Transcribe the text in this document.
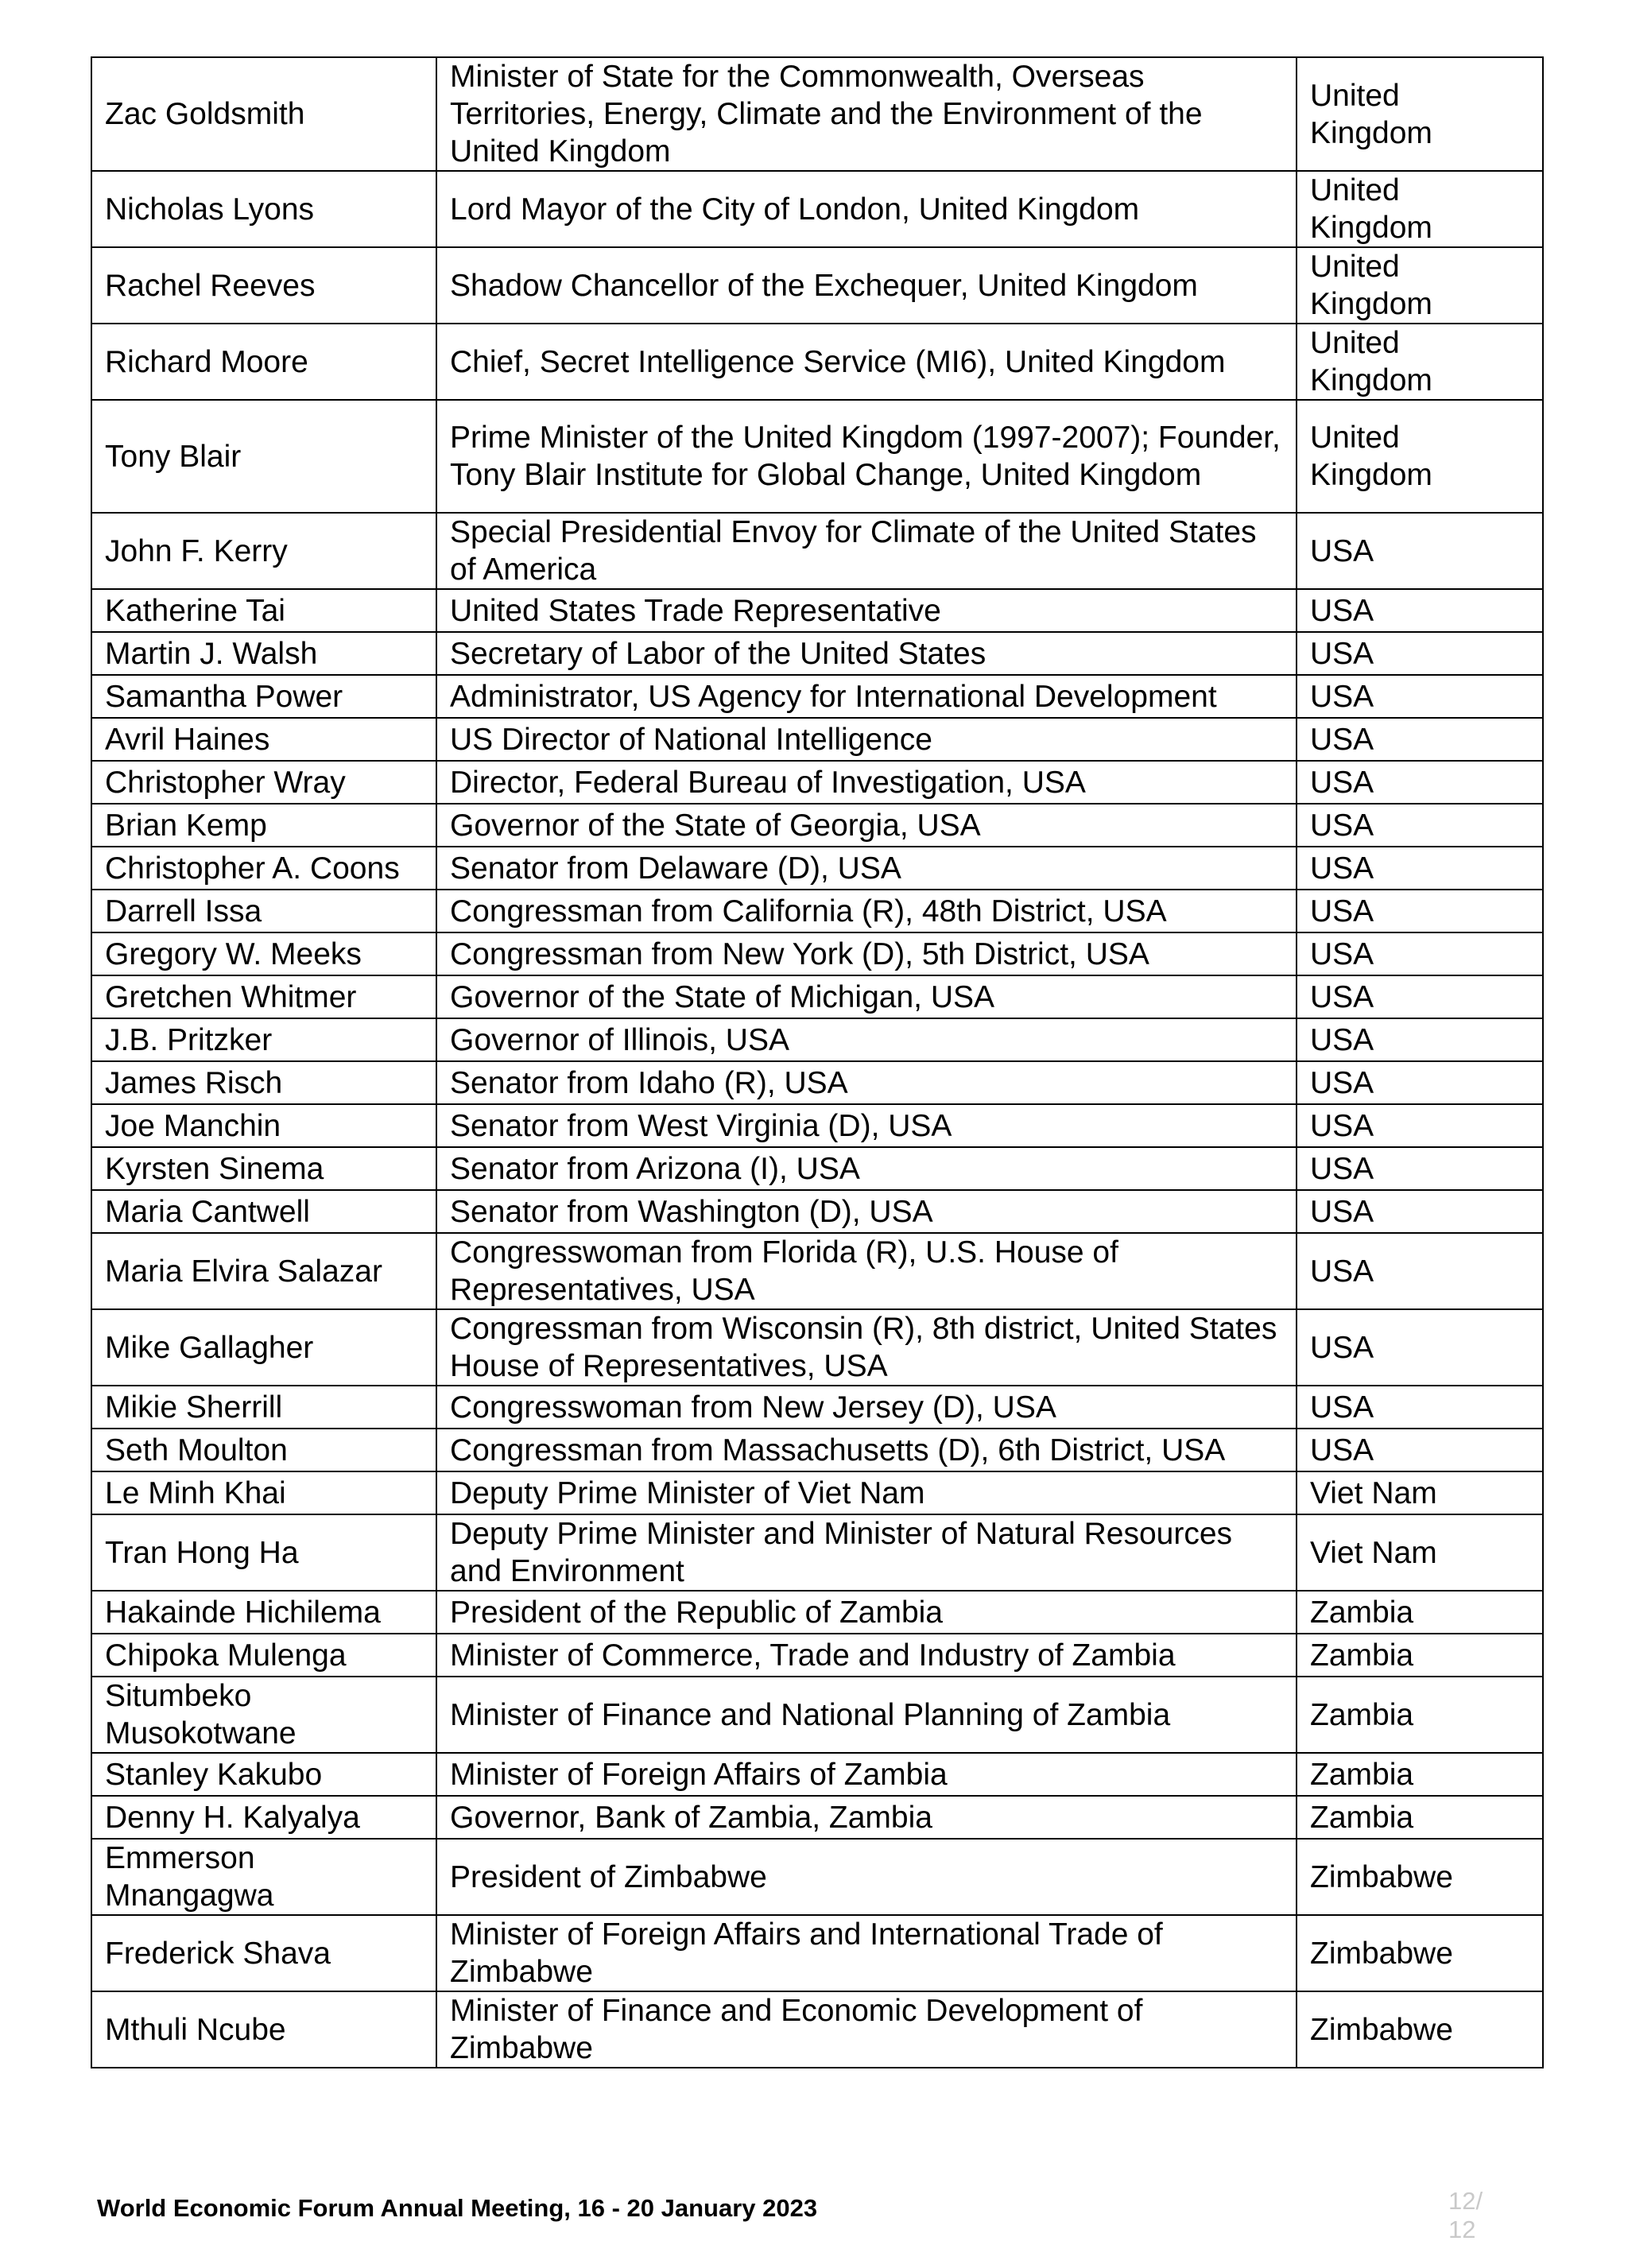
Zac Goldsmith	Minister of State for the Commonwealth, Overseas Territories, Energy, Climate and the Environment of the United Kingdom	United Kingdom
Nicholas Lyons	Lord Mayor of the City of London, United Kingdom	United Kingdom
Rachel Reeves	Shadow Chancellor of the Exchequer, United Kingdom	United Kingdom
Richard Moore	Chief, Secret Intelligence Service (MI6), United Kingdom	United Kingdom
Tony Blair	Prime Minister of the United Kingdom (1997-2007); Founder, Tony Blair Institute for Global Change, United Kingdom	United Kingdom
John F. Kerry	Special Presidential Envoy for Climate of the United States of America	USA
Katherine Tai	United States Trade Representative	USA
Martin J. Walsh	Secretary of Labor of the United States	USA
Samantha Power	Administrator, US Agency for International Development	USA
Avril Haines	US Director of National Intelligence	USA
Christopher Wray	Director, Federal Bureau of Investigation, USA	USA
Brian Kemp	Governor of the State of Georgia, USA	USA
Christopher A. Coons	Senator from Delaware (D), USA	USA
Darrell Issa	Congressman from California (R), 48th District, USA	USA
Gregory W. Meeks	Congressman from New York (D), 5th District, USA	USA
Gretchen Whitmer	Governor of the State of Michigan, USA	USA
J.B. Pritzker	Governor of Illinois, USA	USA
James Risch	Senator from Idaho (R), USA	USA
Joe Manchin	Senator from West Virginia (D), USA	USA
Kyrsten Sinema	Senator from Arizona (I), USA	USA
Maria Cantwell	Senator from Washington (D), USA	USA
Maria Elvira Salazar	Congresswoman from Florida (R), U.S. House of Representatives, USA	USA
Mike Gallagher	Congressman from Wisconsin (R), 8th district, United States House of Representatives, USA	USA
Mikie Sherrill	Congresswoman from New Jersey (D), USA	USA
Seth Moulton	Congressman from Massachusetts (D), 6th District, USA	USA
Le Minh Khai	Deputy Prime Minister of Viet Nam	Viet Nam
Tran Hong Ha	Deputy Prime Minister and Minister of Natural Resources and Environment	Viet Nam
Hakainde Hichilema	President of the Republic of Zambia	Zambia
Chipoka Mulenga	Minister of Commerce, Trade and Industry of Zambia	Zambia
Situmbeko Musokotwane	Minister of Finance and National Planning of Zambia	Zambia
Stanley Kakubo	Minister of Foreign Affairs of Zambia	Zambia
Denny H. Kalyalya	Governor, Bank of Zambia, Zambia	Zambia
Emmerson Mnangagwa	President of Zimbabwe	Zimbabwe
Frederick Shava	Minister of Foreign Affairs and International Trade of Zimbabwe	Zimbabwe
Mthuli Ncube	Minister of Finance and Economic Development of Zimbabwe	Zimbabwe
World Economic Forum Annual Meeting, 16 - 20 January 2023	12/ 12
